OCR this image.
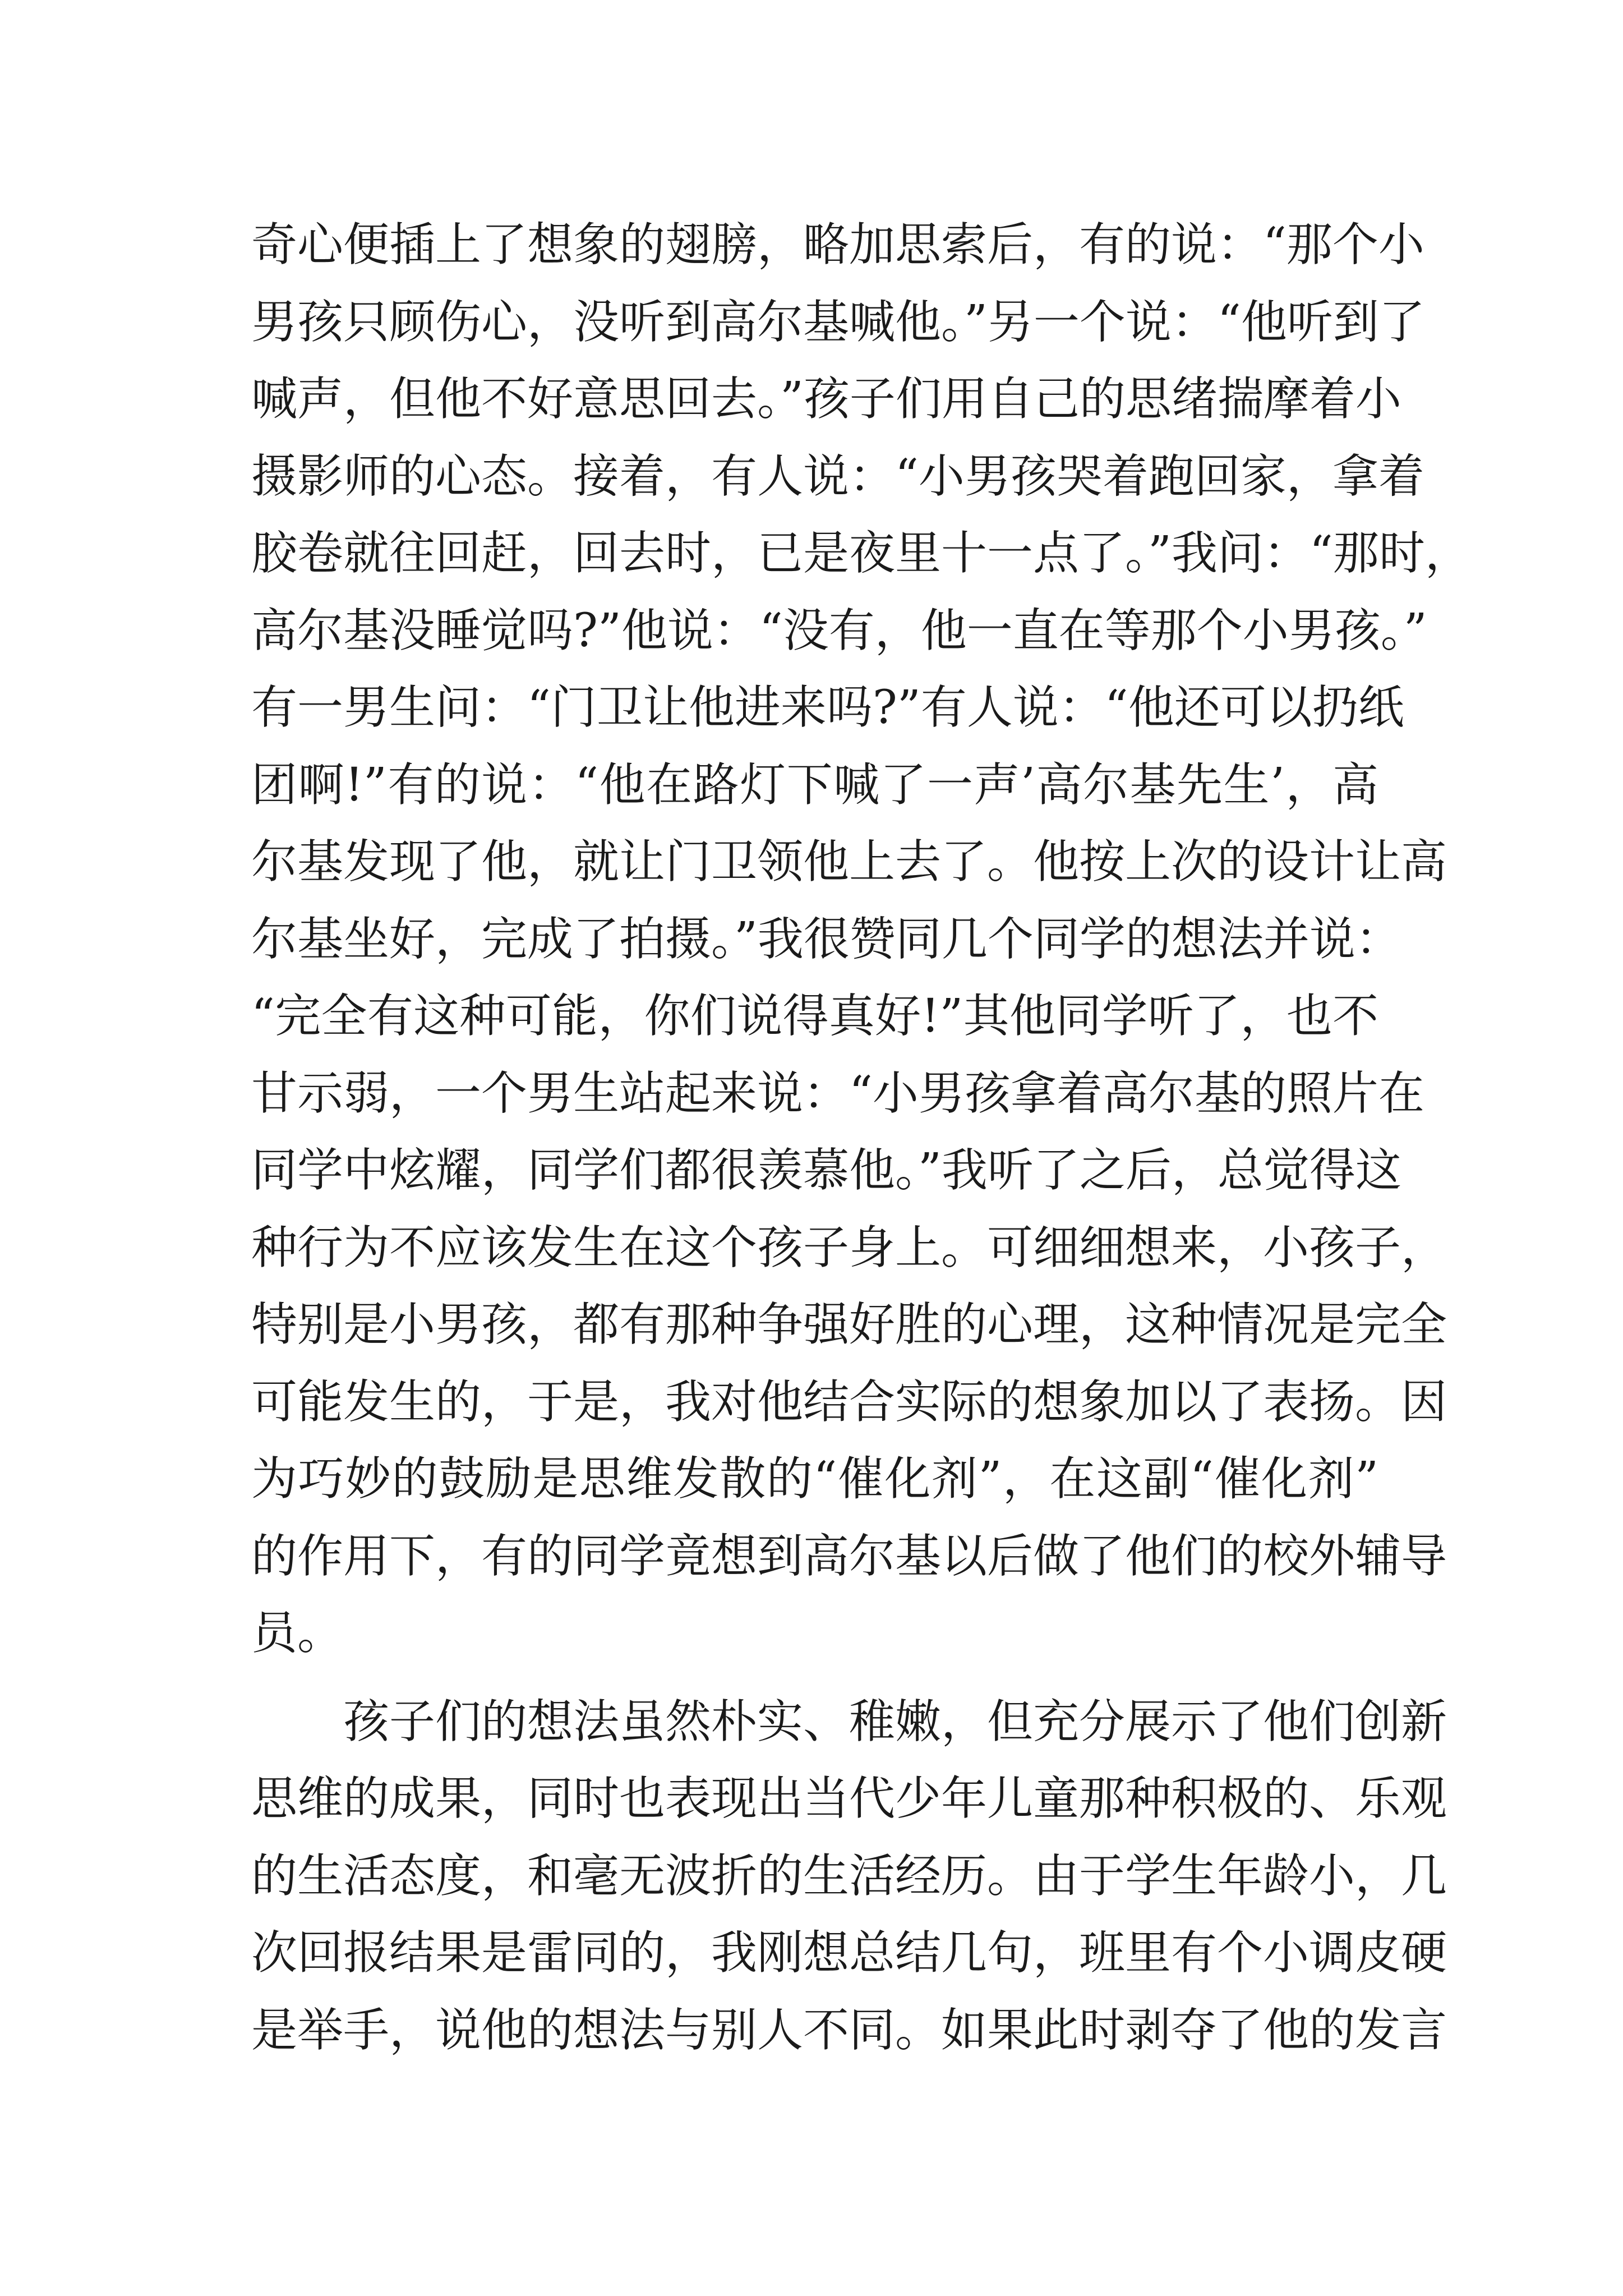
奇心便插上了想象的翅膀，略加思索后，有的说：“那个小
男孩只顾伤心，没听到高尔基喊他。”另一个说：“他听到了
喊声，但他不好意思回去。”孩子们用自己的思绪揣摩着小
摄影师的心态。接着，有人说：“小男孩哭着跑回家，拿着
胶卷就往回赶，回去时，已是夜里十一点了。”我问：“那时，
高尔基没睡觉吗?”他说：“没有，他一直在等那个小男孩。”
有一男生问：“门卫让他进来吗?”有人说：“他还可以扔纸
团啊!”有的说：“他在路灯下喊了一声’高尔基先生’，高
尔基发现了他，就让门卫领他上去了。他按上次的设计让高
尔基坐好，完成了拍摄。”我很赞同几个同学的想法并说：
“完全有这种可能，你们说得真好!”其他同学听了，也不
甘示弱，一个男生站起来说：“小男孩拿着高尔基的照片在
同学中炫耀，同学们都很羡慕他。”我听了之后，总觉得这
种行为不应该发生在这个孩子身上。可细细想来，小孩子，
特别是小男孩，都有那种争强好胜的心理，这种情况是完全
可能发生的，于是，我对他结合实际的想象加以了表扬。因
为巧妙的鼓励是思维发散的“催化剂”，在这副“催化剂”
的作用下，有的同学竟想到高尔基以后做了他们的校外辅导
员。
孩子们的想法虽然朴实、稚嫩，但充分展示了他们创新
思维的成果，同时也表现出当代少年儿童那种积极的、乐观
的生活态度，和毫无波折的生活经历。由于学生年龄小，几
次回报结果是雷同的，我刚想总结几句，班里有个小调皮硬
是举手，说他的想法与别人不同。如果此时剥夺了他的发言
